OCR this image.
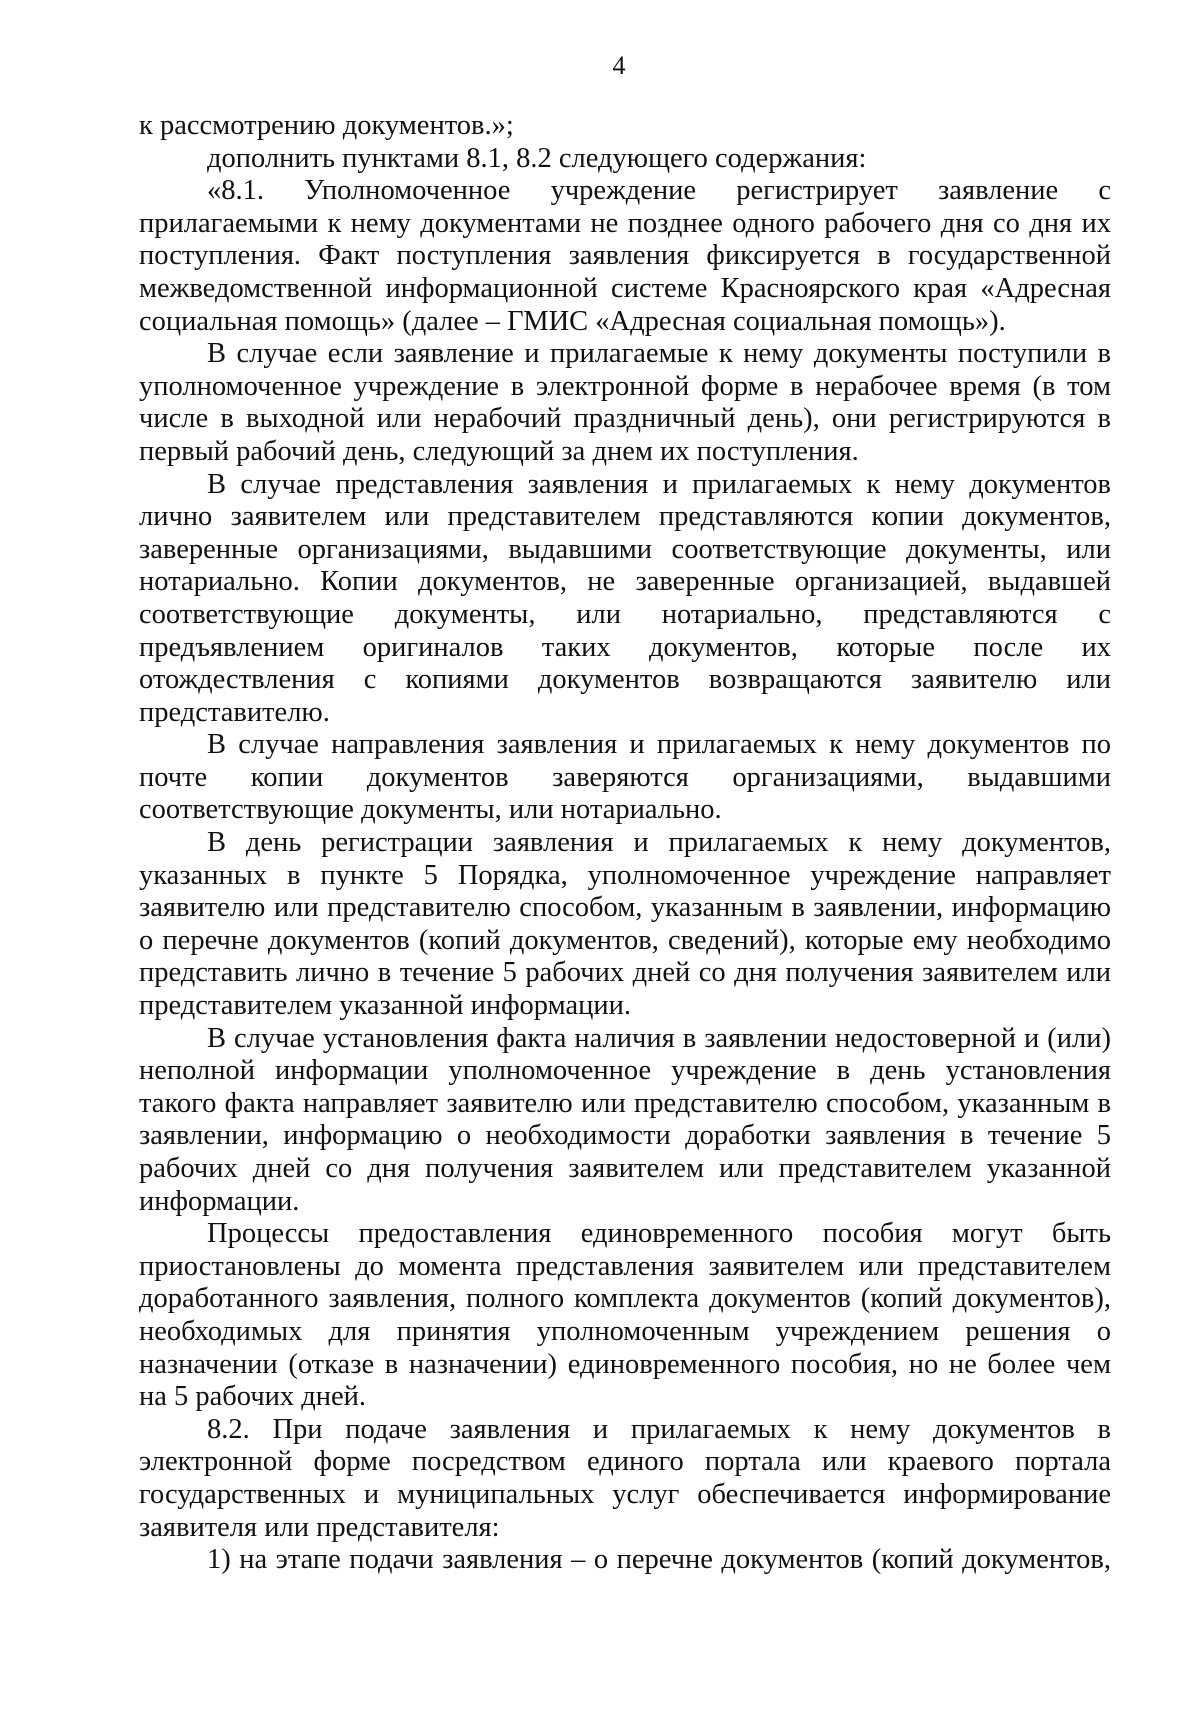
4

к рассмотрению документов.»;

дополнить пунктами 8.1, 8.2 следующего содержания:

«8.1. Уполномоченное учреждение регистрирует заявление с прилагаемыми к нему документами не позднее одного рабочего дня со дня их поступления. Факт поступления заявления фиксируется в государственной межведомственной информационной системе Красноярского края «Адресная социальная помощь» (далее – ГМИС «Адресная социальная помощь»).

В случае если заявление и прилагаемые к нему документы поступили в уполномоченное учреждение в электронной форме в нерабочее время (в том числе в выходной или нерабочий праздничный день), они регистрируются в первый рабочий день, следующий за днем их поступления.

В случае представления заявления и прилагаемых к нему документов лично заявителем или представителем представляются копии документов, заверенные организациями, выдавшими соответствующие документы, или нотариально. Копии документов, не заверенные организацией, выдавшей соответствующие документы, или нотариально, представляются с предъявлением оригиналов таких документов, которые после их отождествления с копиями документов возвращаются заявителю или представителю.

В случае направления заявления и прилагаемых к нему документов по почте копии документов заверяются организациями, выдавшими соответствующие документы, или нотариально.

В день регистрации заявления и прилагаемых к нему документов, указанных в пункте 5 Порядка, уполномоченное учреждение направляет заявителю или представителю способом, указанным в заявлении, информацию о перечне документов (копий документов, сведений), которые ему необходимо представить лично в течение 5 рабочих дней со дня получения заявителем или представителем указанной информации.

В случае установления факта наличия в заявлении недостоверной и (или) неполной информации уполномоченное учреждение в день установления такого факта направляет заявителю или представителю способом, указанным в заявлении, информацию о необходимости доработки заявления в течение 5 рабочих дней со дня получения заявителем или представителем указанной информации.

Процессы предоставления единовременного пособия могут быть приостановлены до момента представления заявителем или представителем доработанного заявления, полного комплекта документов (копий документов), необходимых для принятия уполномоченным учреждением решения о назначении (отказе в назначении) единовременного пособия, но не более чем на 5 рабочих дней.

8.2. При подаче заявления и прилагаемых к нему документов в электронной форме посредством единого портала или краевого портала государственных и муниципальных услуг обеспечивается информирование заявителя или представителя:

1) на этапе подачи заявления – о перечне документов (копий документов,
